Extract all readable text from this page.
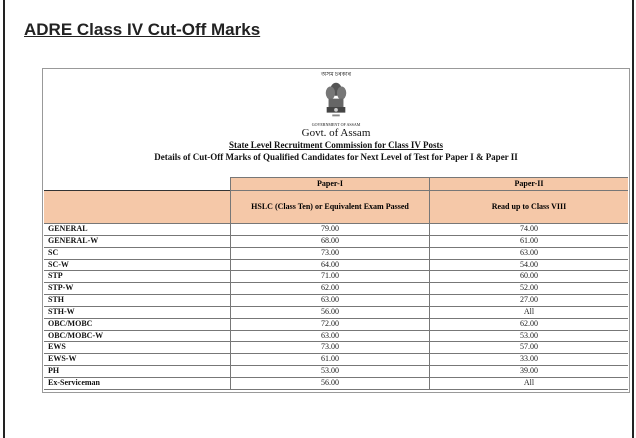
ADRE Class IV Cut-Off Marks
অসম চৰকাৰ
GOVERNMENT OF ASSAM
Govt. of Assam
State Level Recruitment Commission for Class IV Posts
Details of Cut-Off Marks of Qualified Candidates for Next Level of Test for Paper I & Paper II
	Paper-I	Paper-II
	HSLC (Class Ten) or Equivalent Exam Passed	Read up to Class VIII
GENERAL	79.00	74.00
GENERAL-W	68.00	61.00
SC	73.00	63.00
SC-W	64.00	54.00
STP	71.00	60.00
STP-W	62.00	52.00
STH	63.00	27.00
STH-W	56.00	All
OBC/MOBC	72.00	62.00
OBC/MOBC-W	63.00	53.00
EWS	73.00	57.00
EWS-W	61.00	33.00
PH	53.00	39.00
Ex-Serviceman	56.00	All
